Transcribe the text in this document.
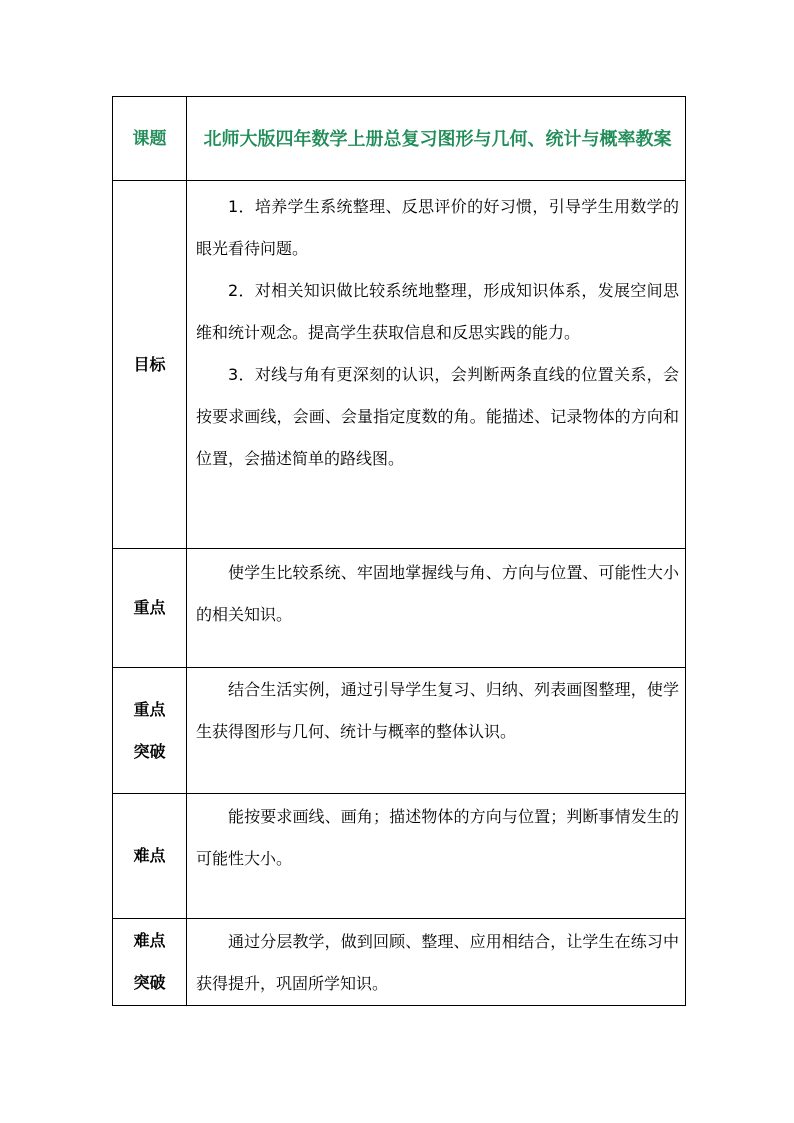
课题	北师大版四年数学上册总复习图形与几何、统计与概率教案
目标	1．培养学生系统整理、反思评价的好习惯，引导学生用数学的眼光看待问题。

2．对相关知识做比较系统地整理，形成知识体系，发展空间思维和统计观念。提高学生获取信息和反思实践的能力。

3．对线与角有更深刻的认识，会判断两条直线的位置关系，会按要求画线，会画、会量指定度数的角。能描述、记录物体的方向和位置，会描述简单的路线图。

重点	使学生比较系统、牢固地掌握线与角、方向与位置、可能性大小的相关知识。

重点
突破	结合生活实例，通过引导学生复习、归纳、列表画图整理，使学生获得图形与几何、统计与概率的整体认识。

难点	能按要求画线、画角；描述物体的方向与位置；判断事情发生的可能性大小。

难点
突破	通过分层教学，做到回顾、整理、应用相结合，让学生在练习中获得提升，巩固所学知识。
